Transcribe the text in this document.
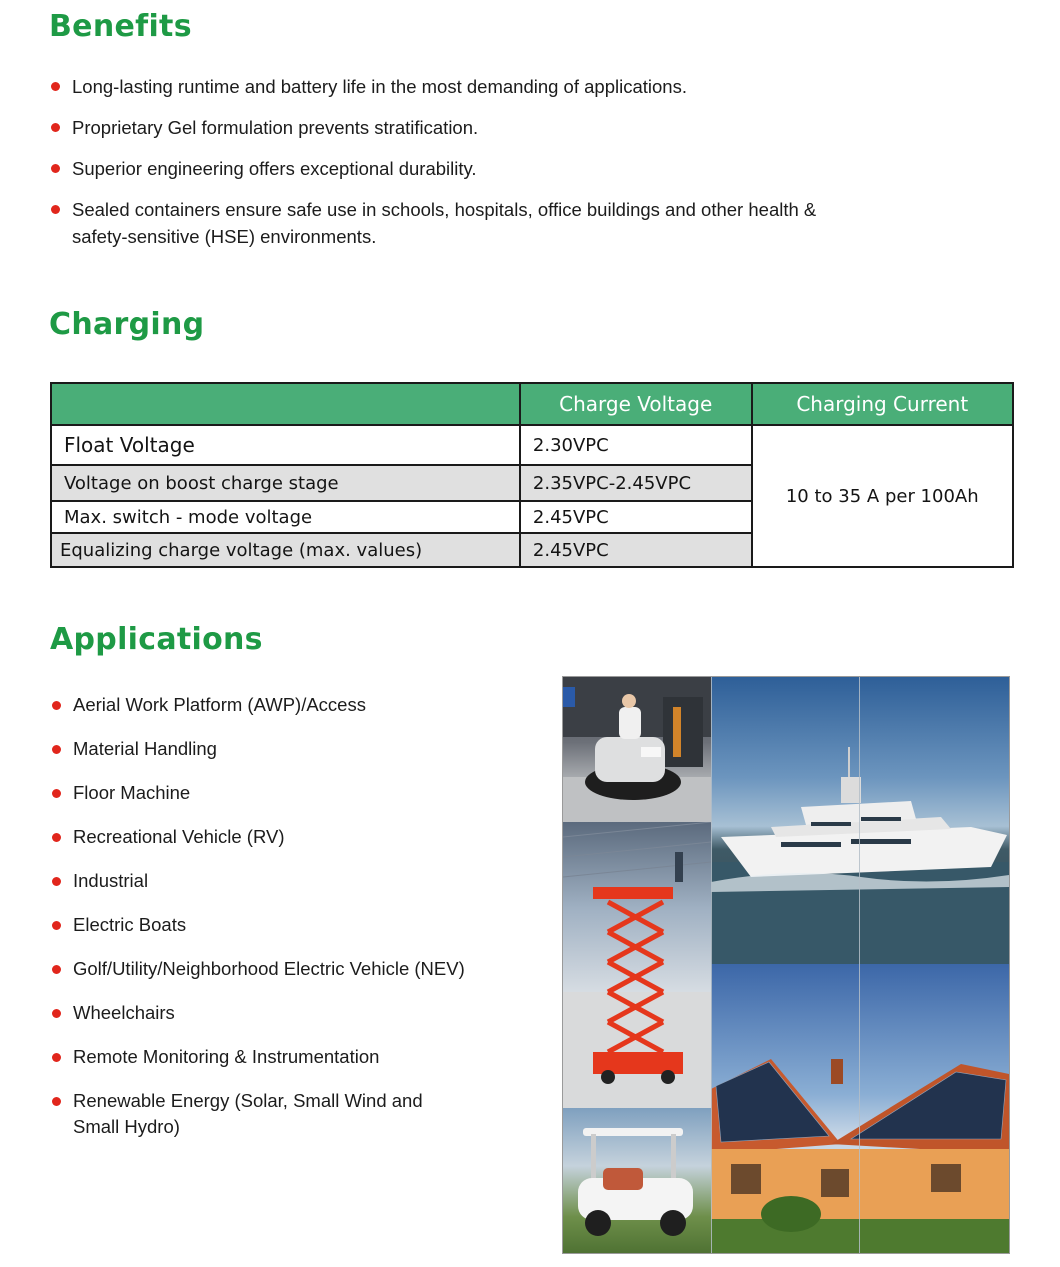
Benefits
Long-lasting runtime and battery life in the most demanding of applications.
Proprietary Gel formulation prevents stratification.
Superior engineering offers exceptional durability.
Sealed containers ensure safe use in schools, hospitals, office buildings and other health & safety-sensitive (HSE) environments.
Charging
	Charge Voltage	Charging Current
Float Voltage	2.30VPC	10 to 35 A per 100Ah
Voltage on boost charge stage	2.35VPC-2.45VPC	
Max. switch - mode voltage	2.45VPC	
Equalizing charge voltage (max. values)	2.45VPC	
Applications
Aerial Work Platform (AWP)/Access
Material Handling
Floor Machine
Recreational Vehicle (RV)
Industrial
Electric Boats
Golf/Utility/Neighborhood Electric Vehicle (NEV)
Wheelchairs
Remote Monitoring & Instrumentation
Renewable Energy (Solar, Small Wind and Small Hydro)
